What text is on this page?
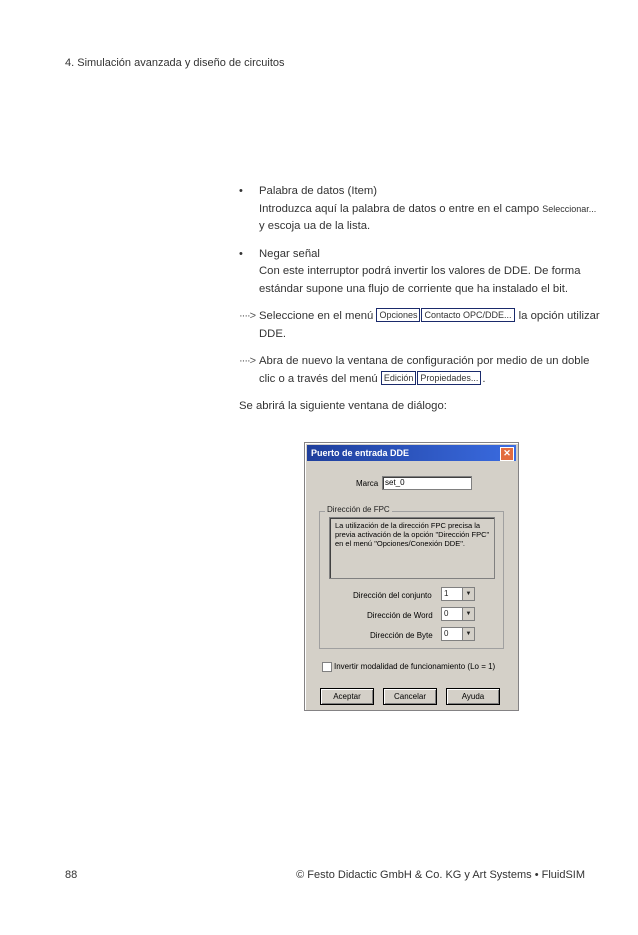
4. Simulación avanzada y diseño de circuitos
•	Palabra de datos (Item)
Introduzca aquí la palabra de datos o entre en el campo Seleccionar...
y escoja ua de la lista.
•	Negar señal
Con este interruptor podrá invertir los valores de DDE. De forma
estándar supone una flujo de corriente que ha instalado el bit.
····> Seleccione en el menú Opciones Contacto OPC/DDE... la opción utilizar
DDE.
····> Abra de nuevo la ventana de configuración por medio de un doble
clic o a través del menú Edición Propiedades... .
Se abrirá la siguiente ventana de diálogo:
Puerto de entrada DDE	✕
Marca set_0
Dirección de FPC
La utilización de la dirección FPC precisa la previa activación de la opción "Dirección FPC" en el menú "Opciones/Conexión DDE".
Dirección del conjunto	1	▼
Dirección de Word	0	▼
Dirección de Byte	0	▼
Invertir modalidad de funcionamiento (Lo = 1)
Aceptar	Cancelar	Ayuda
88	© Festo Didactic GmbH & Co. KG y Art Systems • FluidSIM
